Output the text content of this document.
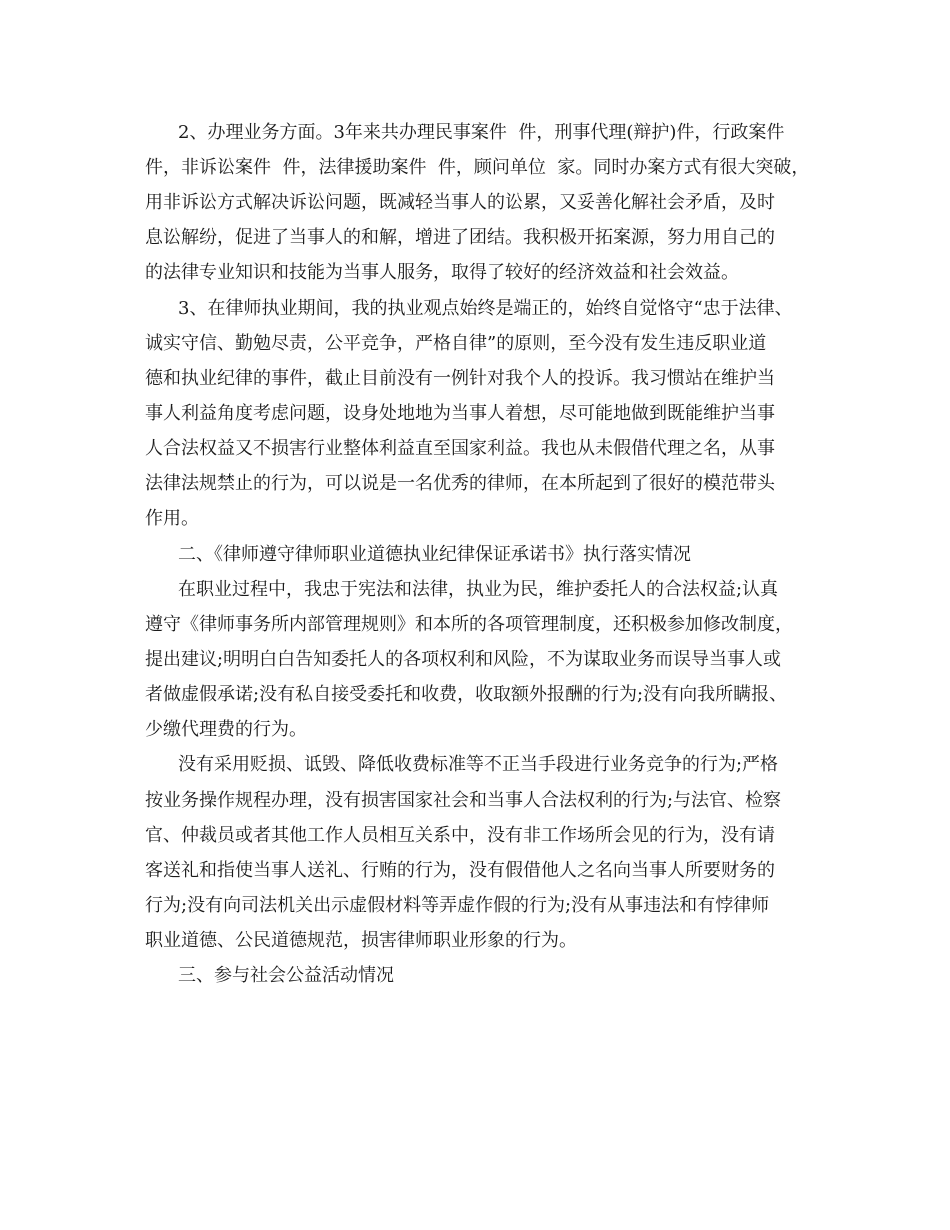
2、办理业务方面。3年来共办理民事案件  件，刑事代理(辩护)件，行政案件
件，非诉讼案件  件，法律援助案件  件，顾问单位  家。同时办案方式有很大突破，
用非诉讼方式解决诉讼问题，既减轻当事人的讼累，又妥善化解社会矛盾，及时
息讼解纷，促进了当事人的和解，增进了团结。我积极开拓案源，努力用自己的
的法律专业知识和技能为当事人服务，取得了较好的经济效益和社会效益。
3、在律师执业期间，我的执业观点始终是端正的，始终自觉恪守“忠于法律、
诚实守信、勤勉尽责，公平竞争，严格自律”的原则，至今没有发生违反职业道
德和执业纪律的事件，截止目前没有一例针对我个人的投诉。我习惯站在维护当
事人利益角度考虑问题，设身处地地为当事人着想，尽可能地做到既能维护当事
人合法权益又不损害行业整体利益直至国家利益。我也从未假借代理之名，从事
法律法规禁止的行为，可以说是一名优秀的律师，在本所起到了很好的模范带头
作用。
二、《律师遵守律师职业道德执业纪律保证承诺书》执行落实情况
在职业过程中，我忠于宪法和法律，执业为民，维护委托人的合法权益;认真
遵守《律师事务所内部管理规则》和本所的各项管理制度，还积极参加修改制度，
提出建议;明明白白告知委托人的各项权利和风险，不为谋取业务而误导当事人或
者做虚假承诺;没有私自接受委托和收费，收取额外报酬的行为;没有向我所瞒报、
少缴代理费的行为。
没有采用贬损、诋毁、降低收费标准等不正当手段进行业务竞争的行为;严格
按业务操作规程办理，没有损害国家社会和当事人合法权利的行为;与法官、检察
官、仲裁员或者其他工作人员相互关系中，没有非工作场所会见的行为，没有请
客送礼和指使当事人送礼、行贿的行为，没有假借他人之名向当事人所要财务的
行为;没有向司法机关出示虚假材料等弄虚作假的行为;没有从事违法和有悖律师
职业道德、公民道德规范，损害律师职业形象的行为。
三、参与社会公益活动情况
